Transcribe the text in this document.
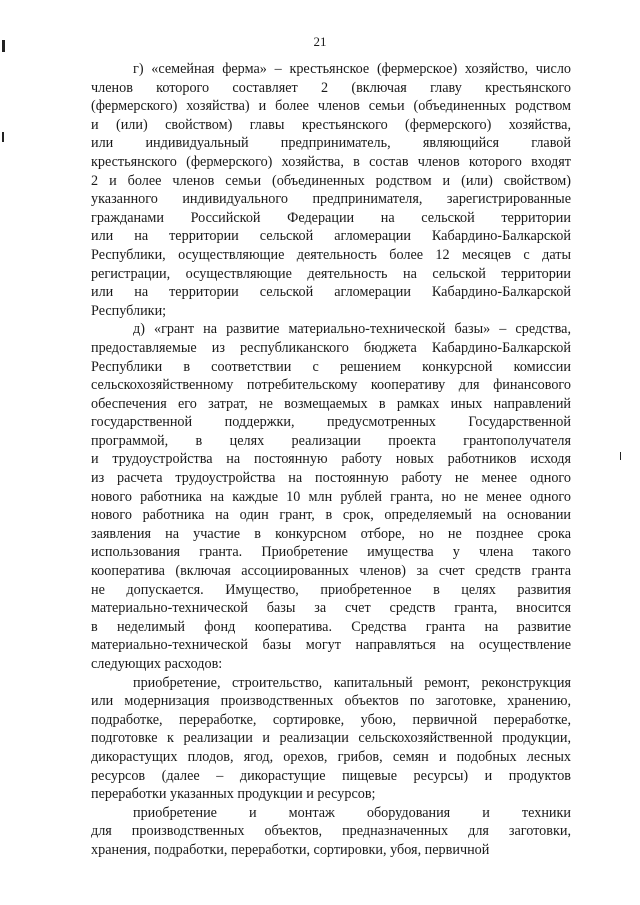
21
г) «семейная ферма» – крестьянское (фермерское) хозяйство, число
членов которого составляет 2 (включая главу крестьянского
(фермерского) хозяйства) и более членов семьи (объединенных родством
и (или) свойством) главы крестьянского (фермерского) хозяйства,
или индивидуальный предприниматель, являющийся главой
крестьянского (фермерского) хозяйства, в состав членов которого входят
2 и более членов семьи (объединенных родством и (или) свойством)
указанного индивидуального предпринимателя, зарегистрированные
гражданами Российской Федерации на сельской территории
или на территории сельской агломерации Кабардино-Балкарской
Республики, осуществляющие деятельность более 12 месяцев с даты
регистрации, осуществляющие деятельность на сельской территории
или на территории сельской агломерации Кабардино-Балкарской
Республики;
д) «грант на развитие материально-технической базы» – средства,
предоставляемые из республиканского бюджета Кабардино-Балкарской
Республики в соответствии с решением конкурсной комиссии
сельскохозяйственному потребительскому кооперативу для финансового
обеспечения его затрат, не возмещаемых в рамках иных направлений
государственной поддержки, предусмотренных Государственной
программой, в целях реализации проекта грантополучателя
и трудоустройства на постоянную работу новых работников исходя
из расчета трудоустройства на постоянную работу не менее одного
нового работника на каждые 10 млн рублей гранта, но не менее одного
нового работника на один грант, в срок, определяемый на основании
заявления на участие в конкурсном отборе, но не позднее срока
использования гранта. Приобретение имущества у члена такого
кооператива (включая ассоциированных членов) за счет средств гранта
не допускается. Имущество, приобретенное в целях развития
материально-технической базы за счет средств гранта, вносится
в неделимый фонд кооператива. Средства гранта на развитие
материально-технической базы могут направляться на осуществление
следующих расходов:
приобретение, строительство, капитальный ремонт, реконструкция
или модернизация производственных объектов по заготовке, хранению,
подработке, переработке, сортировке, убою, первичной переработке,
подготовке к реализации и реализации сельскохозяйственной продукции,
дикорастущих плодов, ягод, орехов, грибов, семян и подобных лесных
ресурсов (далее – дикорастущие пищевые ресурсы) и продуктов
переработки указанных продукции и ресурсов;
приобретение и монтаж оборудования и техники
для производственных объектов, предназначенных для заготовки,
хранения, подработки, переработки, сортировки, убоя, первичной
